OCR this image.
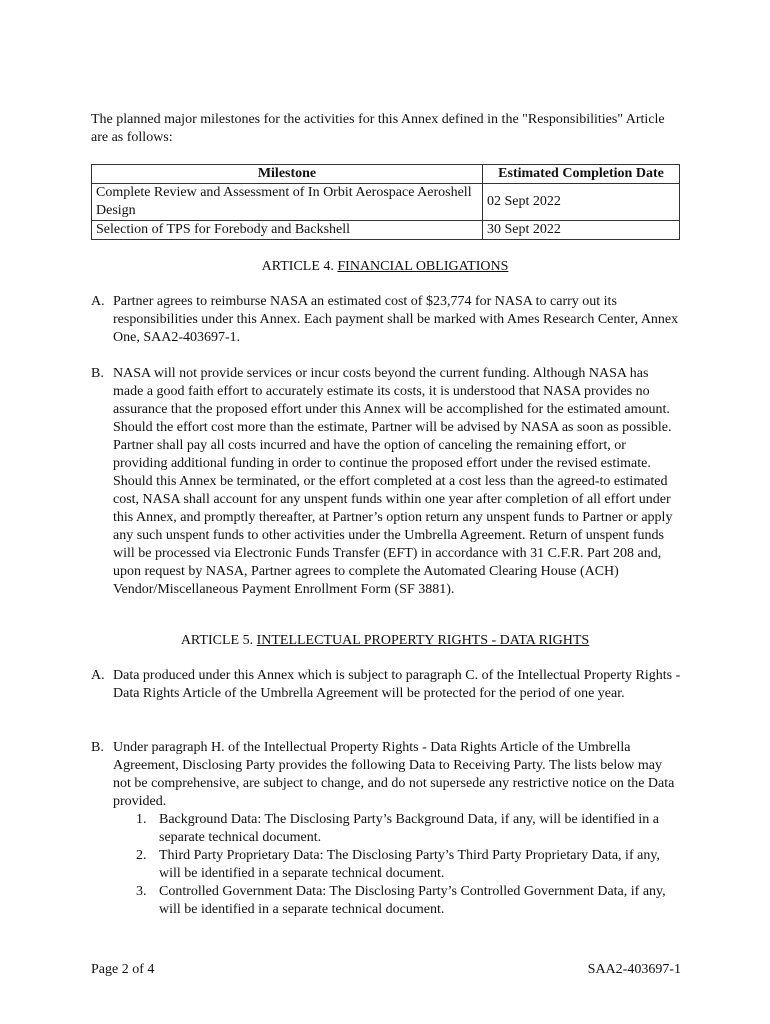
The planned major milestones for the activities for this Annex defined in the "Responsibilities" Article are as follows:
Milestone	Estimated Completion Date
Complete Review and Assessment of In Orbit Aerospace Aeroshell Design	02 Sept 2022
Selection of TPS for Forebody and Backshell	30 Sept 2022
ARTICLE 4. FINANCIAL OBLIGATIONS
A. Partner agrees to reimburse NASA an estimated cost of $23,774 for NASA to carry out its responsibilities under this Annex. Each payment shall be marked with Ames Research Center, Annex One, SAA2-403697-1.
B. NASA will not provide services or incur costs beyond the current funding. Although NASA has made a good faith effort to accurately estimate its costs, it is understood that NASA provides no assurance that the proposed effort under this Annex will be accomplished for the estimated amount. Should the effort cost more than the estimate, Partner will be advised by NASA as soon as possible. Partner shall pay all costs incurred and have the option of canceling the remaining effort, or providing additional funding in order to continue the proposed effort under the revised estimate. Should this Annex be terminated, or the effort completed at a cost less than the agreed-to estimated cost, NASA shall account for any unspent funds within one year after completion of all effort under this Annex, and promptly thereafter, at Partner’s option return any unspent funds to Partner or apply any such unspent funds to other activities under the Umbrella Agreement. Return of unspent funds will be processed via Electronic Funds Transfer (EFT) in accordance with 31 C.F.R. Part 208 and, upon request by NASA, Partner agrees to complete the Automated Clearing House (ACH) Vendor/Miscellaneous Payment Enrollment Form (SF 3881).
ARTICLE 5. INTELLECTUAL PROPERTY RIGHTS - DATA RIGHTS
A. Data produced under this Annex which is subject to paragraph C. of the Intellectual Property Rights - Data Rights Article of the Umbrella Agreement will be protected for the period of one year.
B. Under paragraph H. of the Intellectual Property Rights - Data Rights Article of the Umbrella Agreement, Disclosing Party provides the following Data to Receiving Party. The lists below may not be comprehensive, are subject to change, and do not supersede any restrictive notice on the Data provided.
1. Background Data: The Disclosing Party’s Background Data, if any, will be identified in a separate technical document.
2. Third Party Proprietary Data: The Disclosing Party’s Third Party Proprietary Data, if any, will be identified in a separate technical document.
3. Controlled Government Data: The Disclosing Party’s Controlled Government Data, if any, will be identified in a separate technical document.
Page 2 of 4	SAA2-403697-1
